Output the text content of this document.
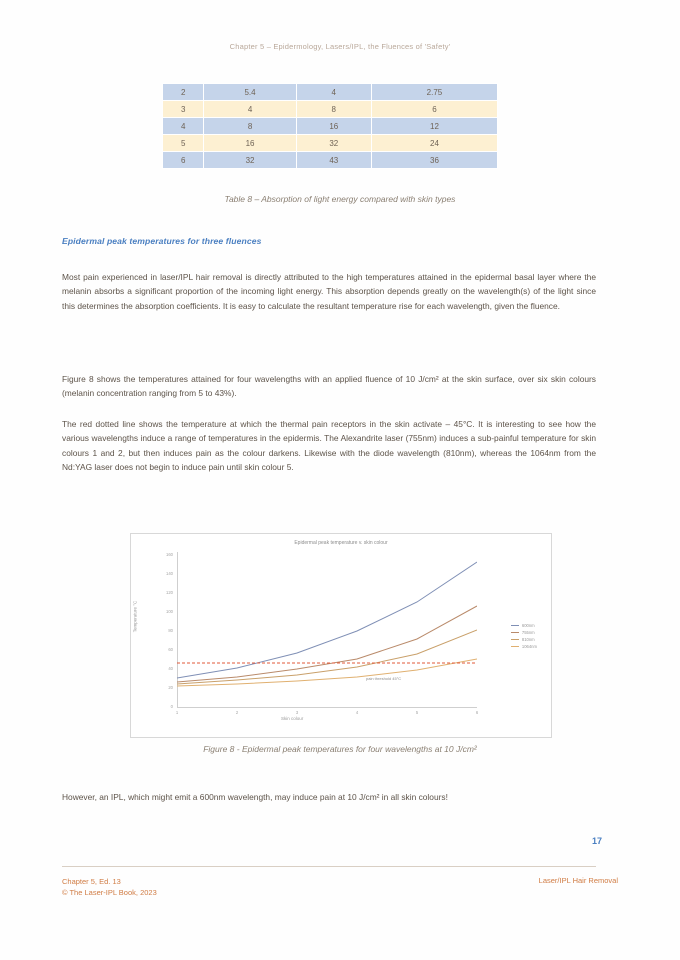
Chapter 5 – Epidermology, Lasers/IPL, the Fluences of 'Safety'
2	5.4	4	2.75
3	4	8	6
4	8	16	12
5	16	32	24
6	32	43	36
Table 8 – Absorption of light energy compared with skin types
Epidermal peak temperatures for three fluences
Most pain experienced in laser/IPL hair removal is directly attributed to the high temperatures attained in the epidermal basal layer where the melanin absorbs a significant proportion of the incoming light energy. This absorption depends greatly on the wavelength(s) of the light since this determines the absorption coefficients. It is easy to calculate the resultant temperature rise for each wavelength, given the fluence.
Figure 8 shows the temperatures attained for four wavelengths with an applied fluence of 10 J/cm² at the skin surface, over six skin colours (melanin concentration ranging from 5 to 43%).
The red dotted line shows the temperature at which the thermal pain receptors in the skin activate – 45°C. It is interesting to see how the various wavelengths induce a range of temperatures in the epidermis. The Alexandrite laser (755nm) induces a sub-painful temperature for skin colours 1 and 2, but then induces pain as the colour darkens. Likewise with the diode wavelength (810nm), whereas the 1064nm from the Nd:YAG laser does not begin to induce pain until skin colour 5.
Epidermal peak temperature v. skin colour
Temperature °C
Skin colour
0
20
40
60
80
100
120
140
160
1	2	3	4	5	6
pain threshold 45°C
600nm
755nm
810nm
1064nm
Figure 8 - Epidermal peak temperatures for four wavelengths at 10 J/cm²
However, an IPL, which might emit a 600nm wavelength, may induce pain at 10 J/cm² in all skin colours!
17
Chapter 5, Ed. 13
© The Laser-IPL Book, 2023
Laser/IPL Hair Removal
